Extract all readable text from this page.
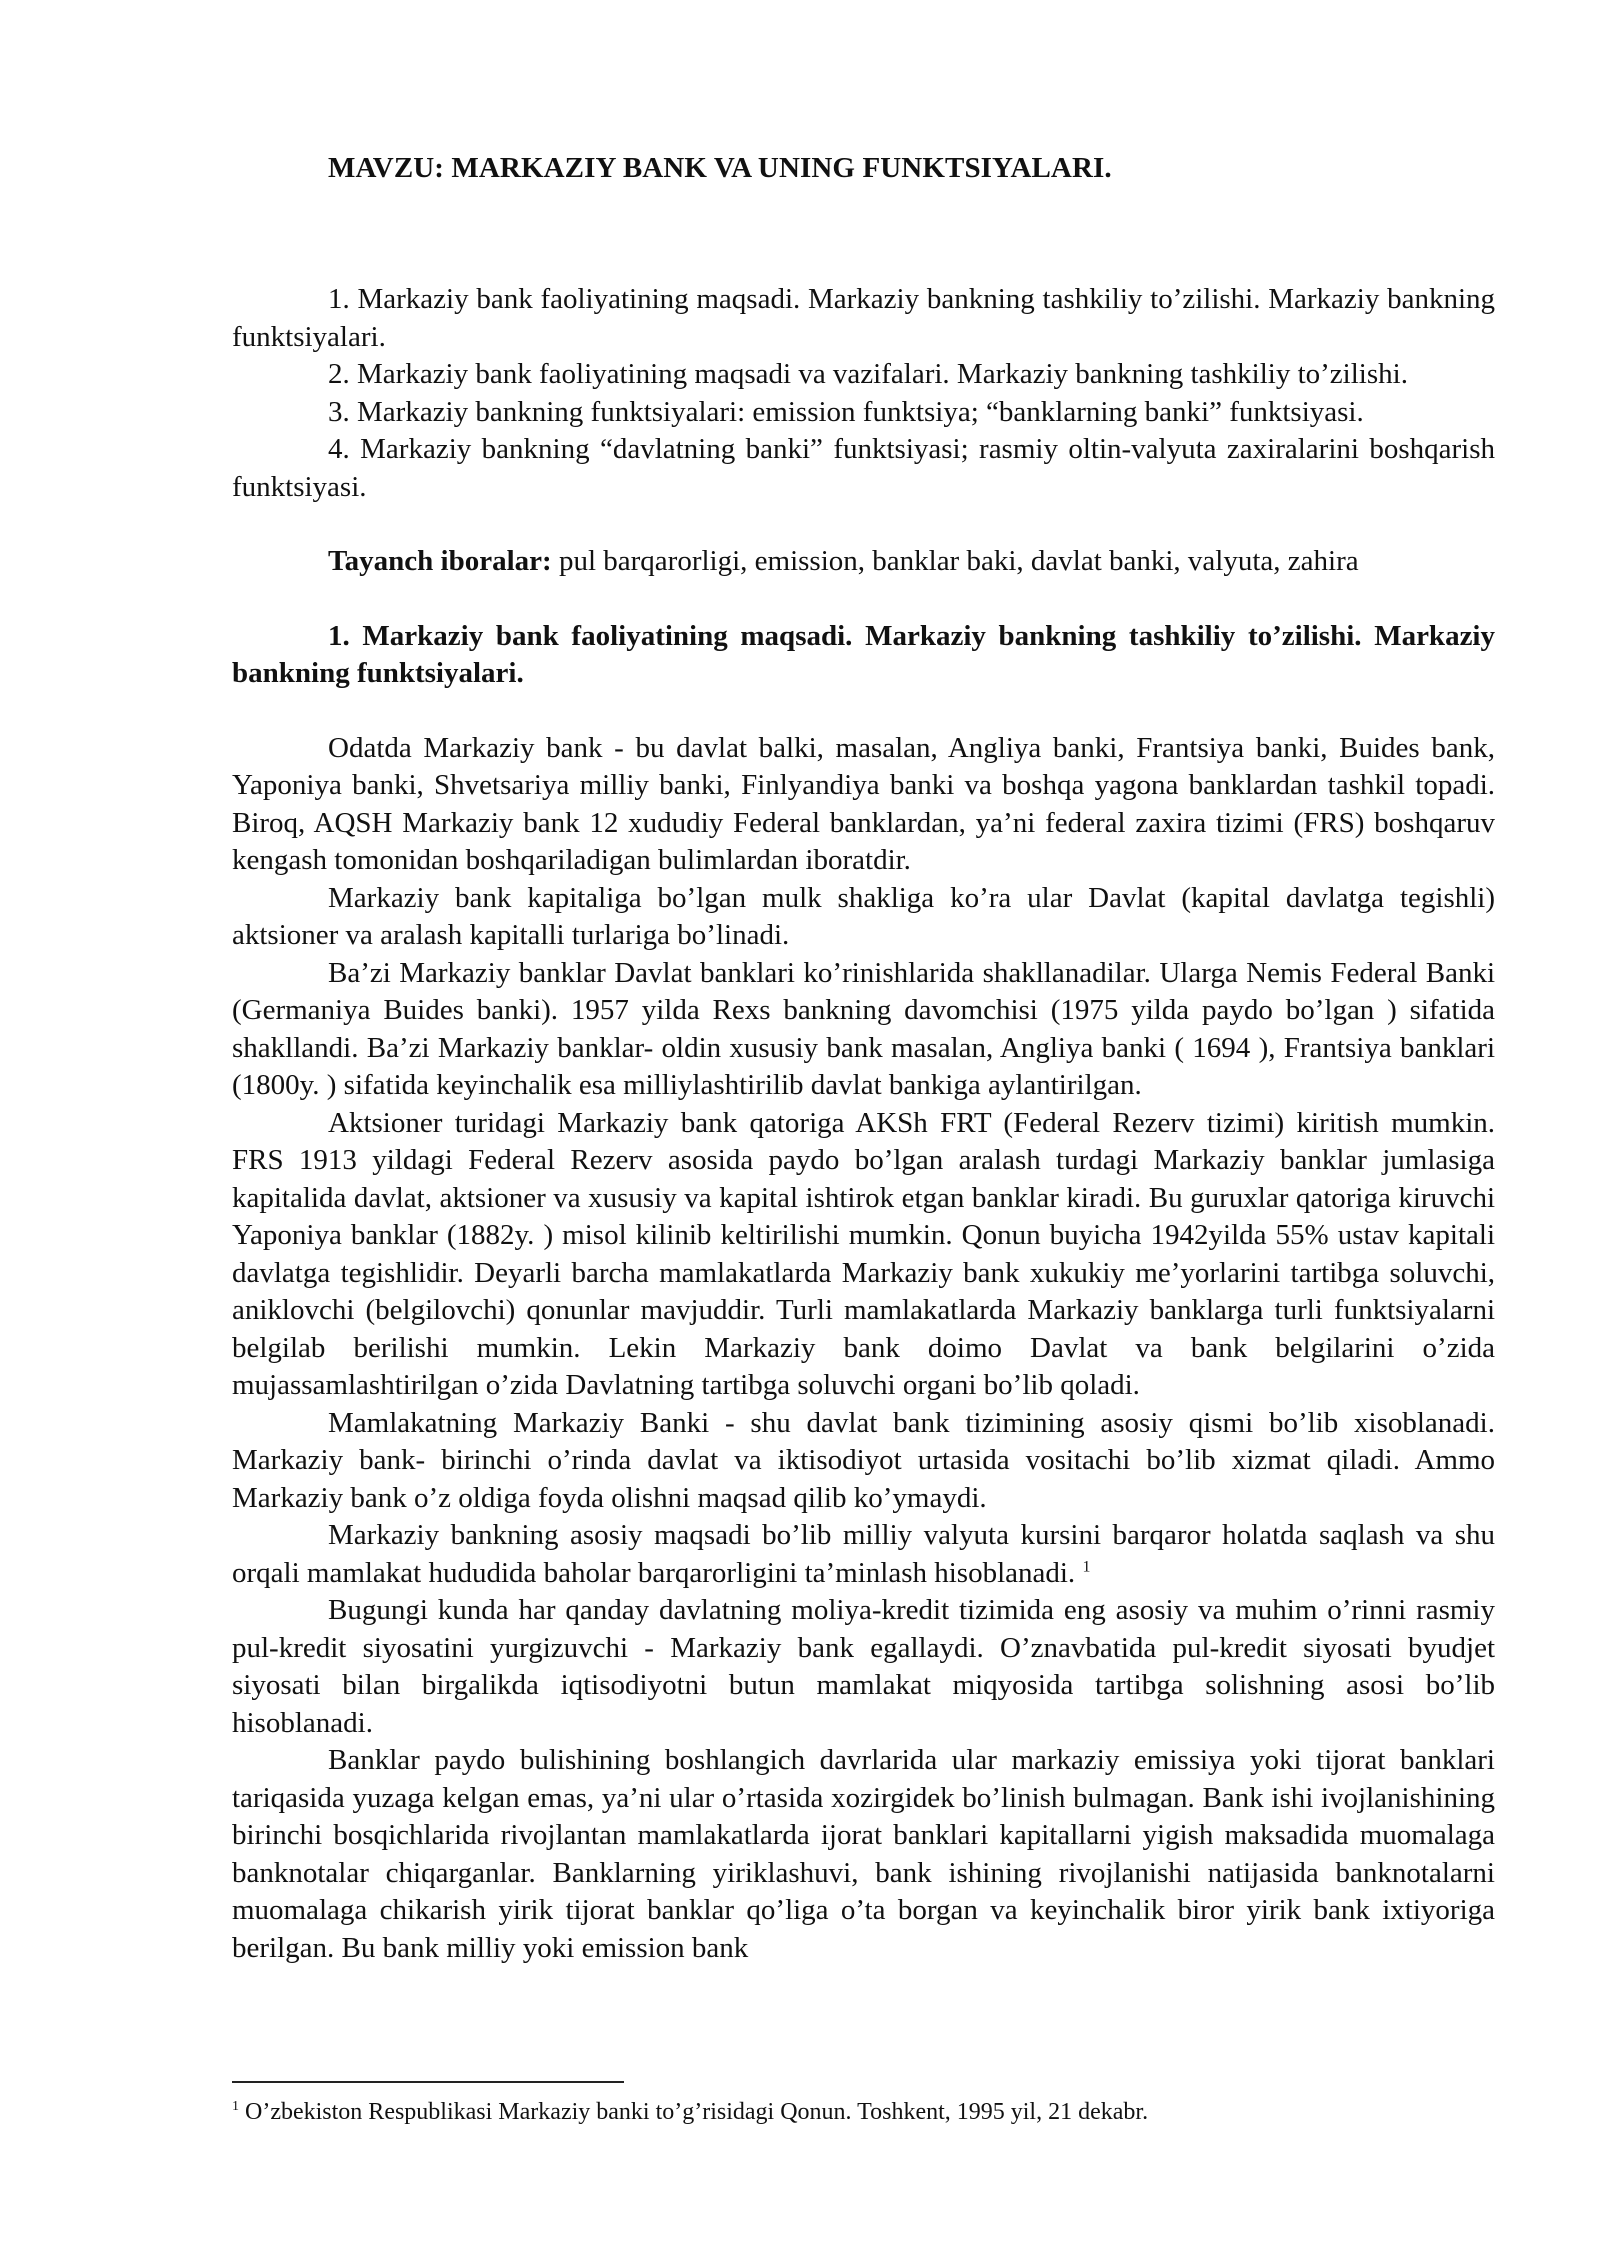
MAVZU: MARKAZIY BANK VA UNING FUNKTSIYALARI.

1. Markaziy bank faoliyatining maqsadi. Markaziy bankning tashkiliy to’zilishi. Markaziy bankning funktsiyalari.

2. Markaziy bank faoliyatining maqsadi va vazifalari. Markaziy bankning tashkiliy to’zilishi.

3. Markaziy bankning funktsiyalari: emission funktsiya; “banklarning banki” funktsiyasi.

4. Markaziy bankning “davlatning banki” funktsiyasi; rasmiy oltin-valyuta zaxiralarini boshqarish funktsiyasi.

Tayanch iboralar: pul barqarorligi, emission, banklar baki, davlat banki, valyuta, zahira

1. Markaziy bank faoliyatining maqsadi. Markaziy bankning tashkiliy to’zilishi. Markaziy bankning funktsiyalari.

Odatda Markaziy bank - bu davlat balki, masalan, Angliya banki, Frantsiya banki, Buides bank, Yaponiya banki, Shvetsariya milliy banki, Finlyandiya banki va boshqa yagona banklardan tashkil topadi. Biroq, AQSH Markaziy bank 12 xududiy Federal banklardan, ya’ni federal zaxira tizimi (FRS) boshqaruv kengash tomonidan boshqariladigan bulimlardan iboratdir.

Markaziy bank kapitaliga bo’lgan mulk shakliga ko’ra ular Davlat (kapital davlatga tegishli) aktsioner va aralash kapitalli turlariga bo’linadi.

Ba’zi Markaziy banklar Davlat banklari ko’rinishlarida shakllanadilar. Ularga Nemis Federal Banki (Germaniya Buides banki). 1957 yilda Rexs bankning davomchisi (1975 yilda paydo bo’lgan ) sifatida shakllandi. Ba’zi Markaziy banklar- oldin xususiy bank masalan, Angliya banki ( 1694 ), Frantsiya banklari (1800y. ) sifatida keyinchalik esa milliylashtirilib davlat bankiga aylantirilgan.

Aktsioner turidagi Markaziy bank qatoriga AKSh FRT (Federal Rezerv tizimi) kiritish mumkin. FRS 1913 yildagi Federal Rezerv asosida paydo bo’lgan aralash turdagi Markaziy banklar jumlasiga kapitalida davlat, aktsioner va xususiy va kapital ishtirok etgan banklar kiradi. Bu guruxlar qatoriga kiruvchi Yaponiya banklar (1882y. ) misol kilinib keltirilishi mumkin. Qonun buyicha 1942yilda 55% ustav kapitali davlatga tegishlidir. Deyarli barcha mamlakatlarda Markaziy bank xukukiy me’yorlarini tartibga soluvchi, aniklovchi (belgilovchi) qonunlar mavjuddir. Turli mamlakatlarda Markaziy banklarga turli funktsiyalarni belgilab berilishi mumkin. Lekin Markaziy bank doimo Davlat va bank belgilarini o’zida mujassamlashtirilgan o’zida Davlatning tartibga soluvchi organi bo’lib qoladi.

Mamlakatning Markaziy Banki - shu davlat bank tizimining asosiy qismi bo’lib xisoblanadi. Markaziy bank- birinchi o’rinda davlat va iktisodiyot urtasida vositachi bo’lib xizmat qiladi. Ammo Markaziy bank o’z oldiga foyda olishni maqsad qilib ko’ymaydi.

Markaziy bankning asosiy maqsadi bo’lib milliy valyuta kursini barqaror holatda saqlash va shu orqali mamlakat hududida baholar barqarorligini ta’minlash hisoblanadi. $^1$

Bugungi kunda har qanday davlatning moliya-kredit tizimida eng asosiy va muhim o’rinni rasmiy pul-kredit siyosatini yurgizuvchi - Markaziy bank egallaydi. O’znavbatida pul-kredit siyosati byudjet siyosati bilan birgalikda iqtisodiyotni butun mamlakat miqyosida tartibga solishning asosi bo’lib hisoblanadi.

Banklar paydo bulishining boshlangich davrlarida ular markaziy emissiya yoki tijorat banklari tariqasida yuzaga kelgan emas, ya’ni ular o’rtasida xozirgidek bo’linish bulmagan. Bank ishi ivojlanishining birinchi bosqichlarida rivojlantan mamlakatlarda ijorat banklari kapitallarni yigish maksadida muomalaga banknotalar chiqarganlar. Banklarning yiriklashuvi, bank ishining rivojlanishi natijasida banknotalarni muomalaga chikarish yirik tijorat banklar qo’liga o’ta borgan va keyinchalik biror yirik bank ixtiyoriga berilgan. Bu bank milliy yoki emission bank

$^1$ O’zbekiston Respublikasi Markaziy banki to’g’risidagi Qonun. Toshkent, 1995 yil, 21 dekabr.
